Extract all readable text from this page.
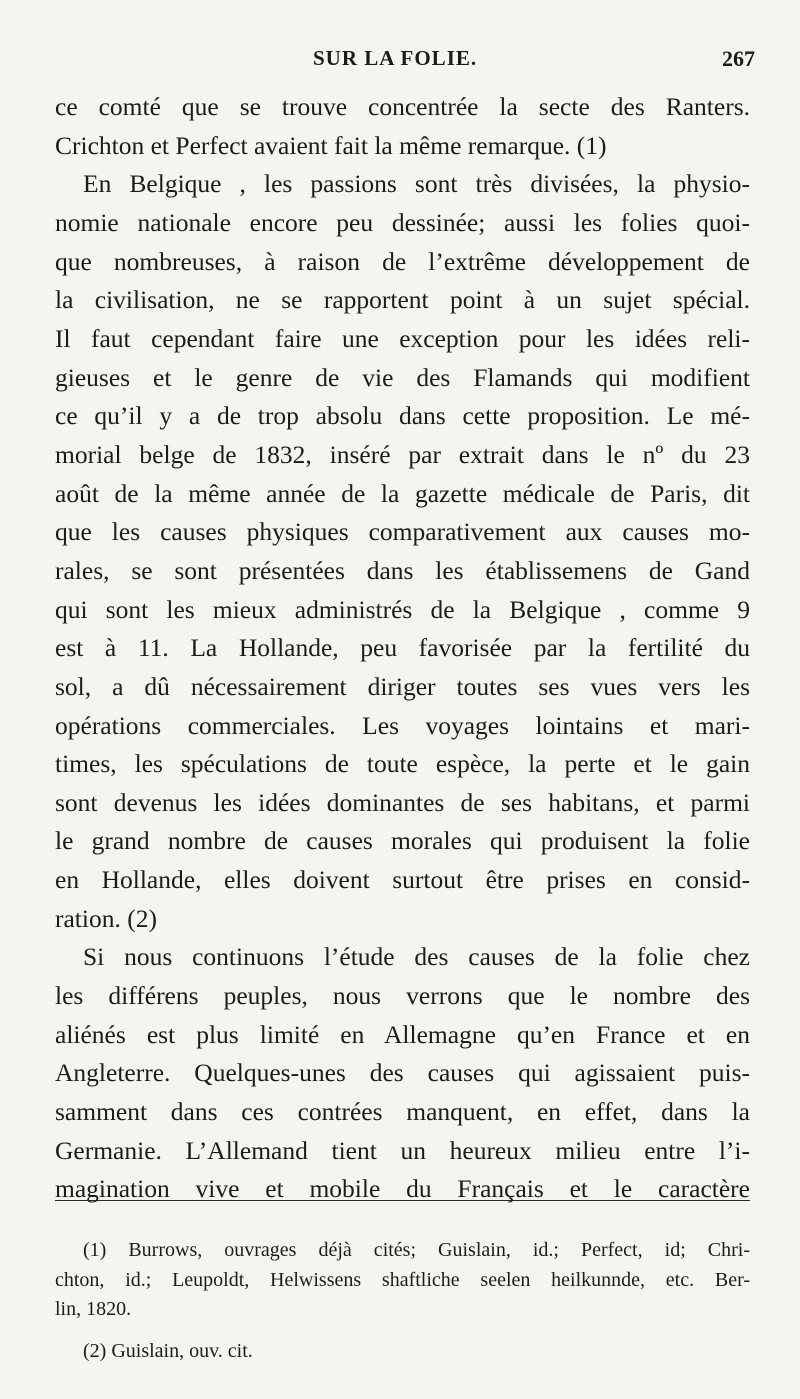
SUR LA FOLIE.	267
ce comté que se trouve concentrée la secte des Ranters.
Crichton et Perfect avaient fait la même remarque. (1)
En Belgique , les passions sont très divisées, la physio-
nomie nationale encore peu dessinée; aussi les folies quoi-
que nombreuses, à raison de l’extrême développement de
la civilisation, ne se rapportent point à un sujet spécial.
Il faut cependant faire une exception pour les idées reli-
gieuses et le genre de vie des Flamands qui modifient
ce qu’il y a de trop absolu dans cette proposition. Le mé-
morial belge de 1832, inséré par extrait dans le nº du 23
août de la même année de la gazette médicale de Paris, dit
que les causes physiques comparativement aux causes mo-
rales, se sont présentées dans les établissemens de Gand
qui sont les mieux administrés de la Belgique , comme 9
est à 11. La Hollande, peu favorisée par la fertilité du
sol, a dû nécessairement diriger toutes ses vues vers les
opérations commerciales. Les voyages lointains et mari-
times, les spéculations de toute espèce, la perte et le gain
sont devenus les idées dominantes de ses habitans, et parmi
le grand nombre de causes morales qui produisent la folie
en Hollande, elles doivent surtout être prises en consid-
ration. (2)
Si nous continuons l’étude des causes de la folie chez
les différens peuples, nous verrons que le nombre des
aliénés est plus limité en Allemagne qu’en France et en
Angleterre. Quelques-unes des causes qui agissaient puis-
samment dans ces contrées manquent, en effet, dans la
Germanie. L’Allemand tient un heureux milieu entre l’i-
magination vive et mobile du Français et le caractère
(1) Burrows, ouvrages déjà cités; Guislain, id.; Perfect, id; Chri-
chton, id.; Leupoldt, Helwissens shaftliche seelen heilkunnde, etc. Ber-
lin, 1820.
(2) Guislain, ouv. cit.
